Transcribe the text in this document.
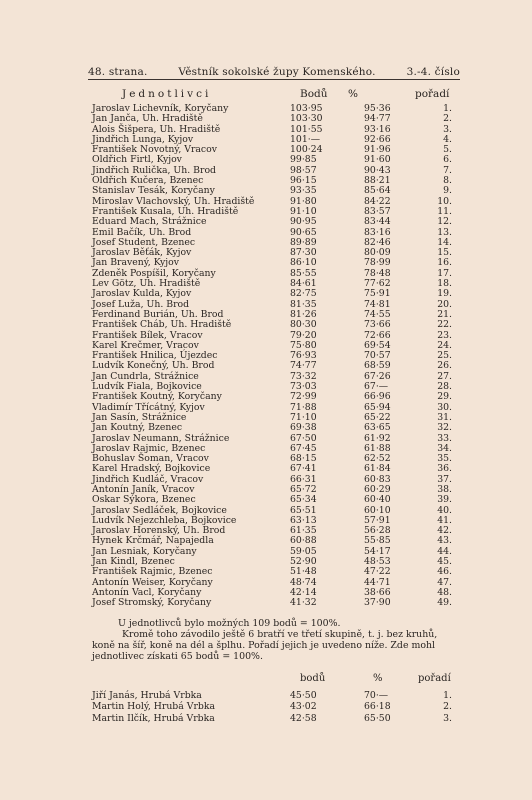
48. strana.	Věstník sokolské župy Komenského.	3.-4. číslo
Jednotlivci	Bodů %	pořadí
Jaroslav Lichevník, Koryčany	103·95	95·36	1.
Jan Janča, Uh. Hradiště	103·30	94·77	2.
Alois Šišpera, Uh. Hradiště	101·55	93·16	3.
Jindřich Lunga, Kyjov	101·—	92·66	4.
František Novotný, Vracov	100·24	91·96	5.
Oldřich Firtl, Kyjov	99·85	91·60	6.
Jindřich Rulička, Uh. Brod	98·57	90·43	7.
Oldřich Kučera, Bzenec	96·15	88·21	8.
Stanislav Tesák, Koryčany	93·35	85·64	9.
Miroslav Vlachovský, Uh. Hradiště	91·80	84·22	10.
František Kusala, Uh. Hradiště	91·10	83·57	11.
Eduard Mach, Strážnice	90·95	83·44	12.
Emil Bačík, Uh. Brod	90·65	83·16	13.
Josef Student, Bzenec	89·89	82·46	14.
Jaroslav Běťák, Kyjov	87·30	80·09	15.
Jan Bravený, Kyjov	86·10	78·99	16.
Zdeněk Pospíšil, Koryčany	85·55	78·48	17.
Lev Götz, Uh. Hradiště	84·61	77·62	18.
Jaroslav Kulda, Kyjov	82·75	75·91	19.
Josef Luža, Uh. Brod	81·35	74·81	20.
Ferdinand Burián, Uh. Brod	81·26	74·55	21.
František Cháb, Uh. Hradiště	80·30	73·66	22.
František Bílek, Vracov	79·20	72·66	23.
Karel Krečmer, Vracov	75·80	69·54	24.
František Hnilica, Újezdec	76·93	70·57	25.
Ludvík Konečný, Uh. Brod	74·77	68·59	26.
Jan Cundrla, Strážnice	73·32	67·26	27.
Ludvík Fiala, Bojkovice	73·03	67·—	28.
František Koutný, Koryčany	72·99	66·96	29.
Vladimír Třícátný, Kyjov	71·88	65·94	30.
Jan Sasín, Strážnice	71·10	65·22	31.
Jan Koutný, Bzenec	69·38	63·65	32.
Jaroslav Neumann, Strážnice	67·50	61·92	33.
Jaroslav Rajmic, Bzenec	67·45	61·88	34.
Bohuslav Šoman, Vracov	68·15	62·52	35.
Karel Hradský, Bojkovice	67·41	61·84	36.
Jindřich Kudláč, Vracov	66·31	60·83	37.
Antonín Janík, Vracov	65·72	60·29	38.
Oskar Sýkora, Bzenec	65·34	60·40	39.
Jaroslav Sedláček, Bojkovice	65·51	60·10	40.
Ludvík Nejezchleba, Bojkovice	63·13	57·91	41.
Jaroslav Horenský, Uh. Brod	61·35	56·28	42.
Hynek Krčmář, Napajedla	60·88	55·85	43.
Jan Lesniak, Koryčany	59·05	54·17	44.
Jan Kindl, Bzenec	52·90	48·53	45.
František Rajmic, Bzenec	51·48	47·22	46.
Antonín Weiser, Koryčany	48·74	44·71	47.
Antonín Vacl, Koryčany	42·14	38·66	48.
Josef Stromský, Koryčany	41·32	37·90	49.
U jednotlivců bylo možných 109 bodů = 100%.
Kromě toho závodilo ještě 6 bratří ve třetí skupině, t. j. bez kruhů, koně na šíř, koně na dél a šplhu. Pořadí jejich je uvedeno níže. Zde mohl jednotlivec získati 65 bodů = 100%.
bodů	%	pořadí
Jiří Janás, Hrubá Vrbka	45·50	70·—	1.
Martin Holý, Hrubá Vrbka	43·02	66·18	2.
Martin Ilčík, Hrubá Vrbka	42·58	65·50	3.
